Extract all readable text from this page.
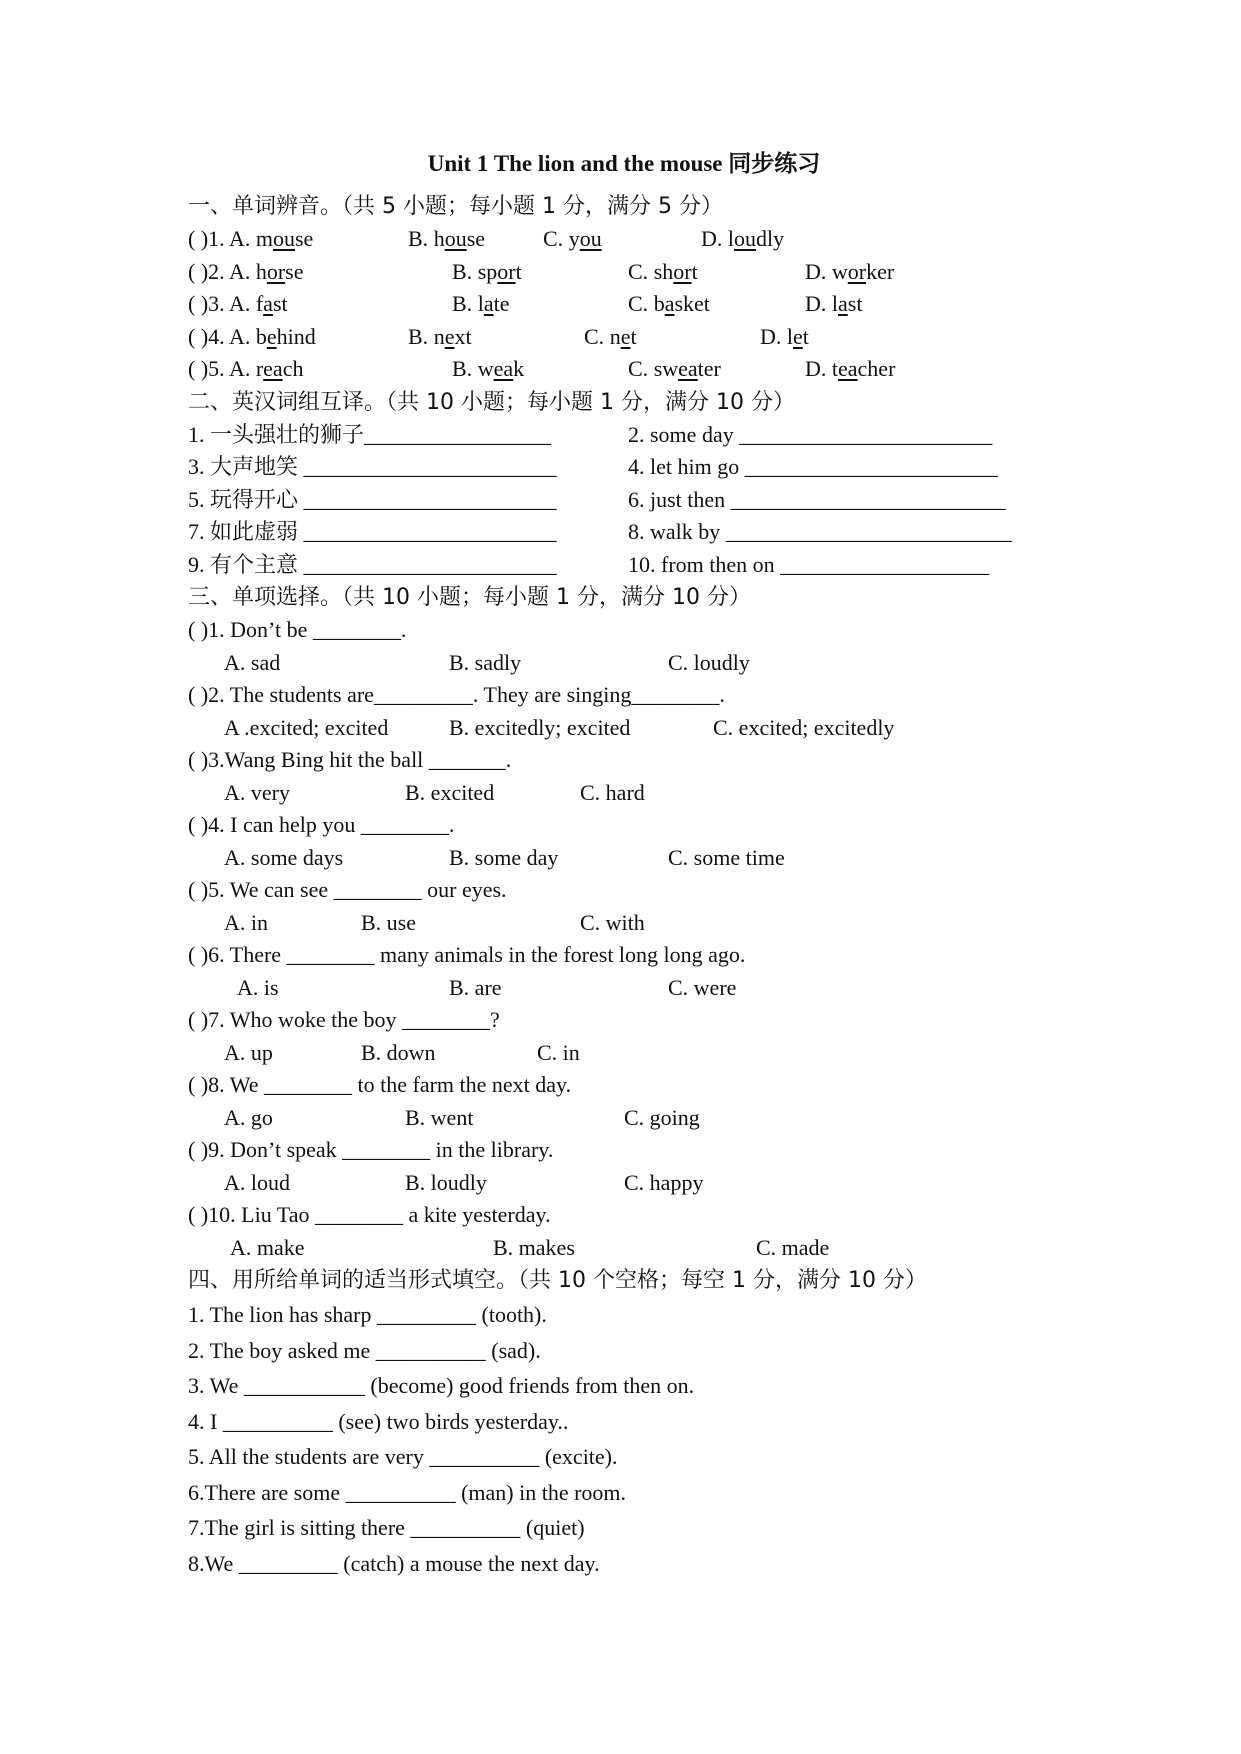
Unit 1 The lion and the mouse 同步练习
一、单词辨音。（共 5 小题；每小题 1 分，满分 5 分）
( )1. A. mouse	B. house	C. you	D. loudly
( )2. A. horse	B. sport	C. short	D. worker
( )3. A. fast	B. late	C. basket	D. last
( )4. A. behind	B. next	C. net	D. let
( )5. A. reach	B. weak	C. sweater	D. teacher
二、英汉词组互译。（共 10 小题；每小题 1 分，满分 10 分）
1. 一头强壮的狮子_________________	2. some day _______________________
3. 大声地笑 _______________________	4. let him go _______________________
5. 玩得开心 _______________________	6. just then _________________________
7. 如此虚弱 _______________________	8. walk by __________________________
9. 有个主意 _______________________	10. from then on ___________________
三、单项选择。（共 10 小题；每小题 1 分，满分 10 分）
( )1. Don’t be ________.
A. sad	B. sadly	C. loudly
( )2. The students are_________. They are singing________.
A .excited; excited	B. excitedly; excited	C. excited; excitedly
( )3.Wang Bing hit the ball _______.
A. very	B. excited	C. hard
( )4. I can help you ________.
A. some days	B. some day	C. some time
( )5. We can see ________ our eyes.
A. in	B. use	C. with
( )6. There ________ many animals in the forest long long ago.
A. is	B. are	C. were
( )7. Who woke the boy ________?
A. up	B. down	C. in
( )8. We ________ to the farm the next day.
A. go	B. went	C. going
( )9. Don’t speak ________ in the library.
A. loud	B. loudly	C. happy
( )10. Liu Tao ________ a kite yesterday.
A. make	B. makes	C. made
四、用所给单词的适当形式填空。（共 10 个空格；每空 1 分，满分 10 分）
1. The lion has sharp _________ (tooth).
2. The boy asked me __________ (sad).
3. We ___________ (become) good friends from then on.
4. I __________ (see) two birds yesterday..
5. All the students are very __________ (excite).
6.There are some __________ (man) in the room.
7.The girl is sitting there __________ (quiet)
8.We _________ (catch) a mouse the next day.
